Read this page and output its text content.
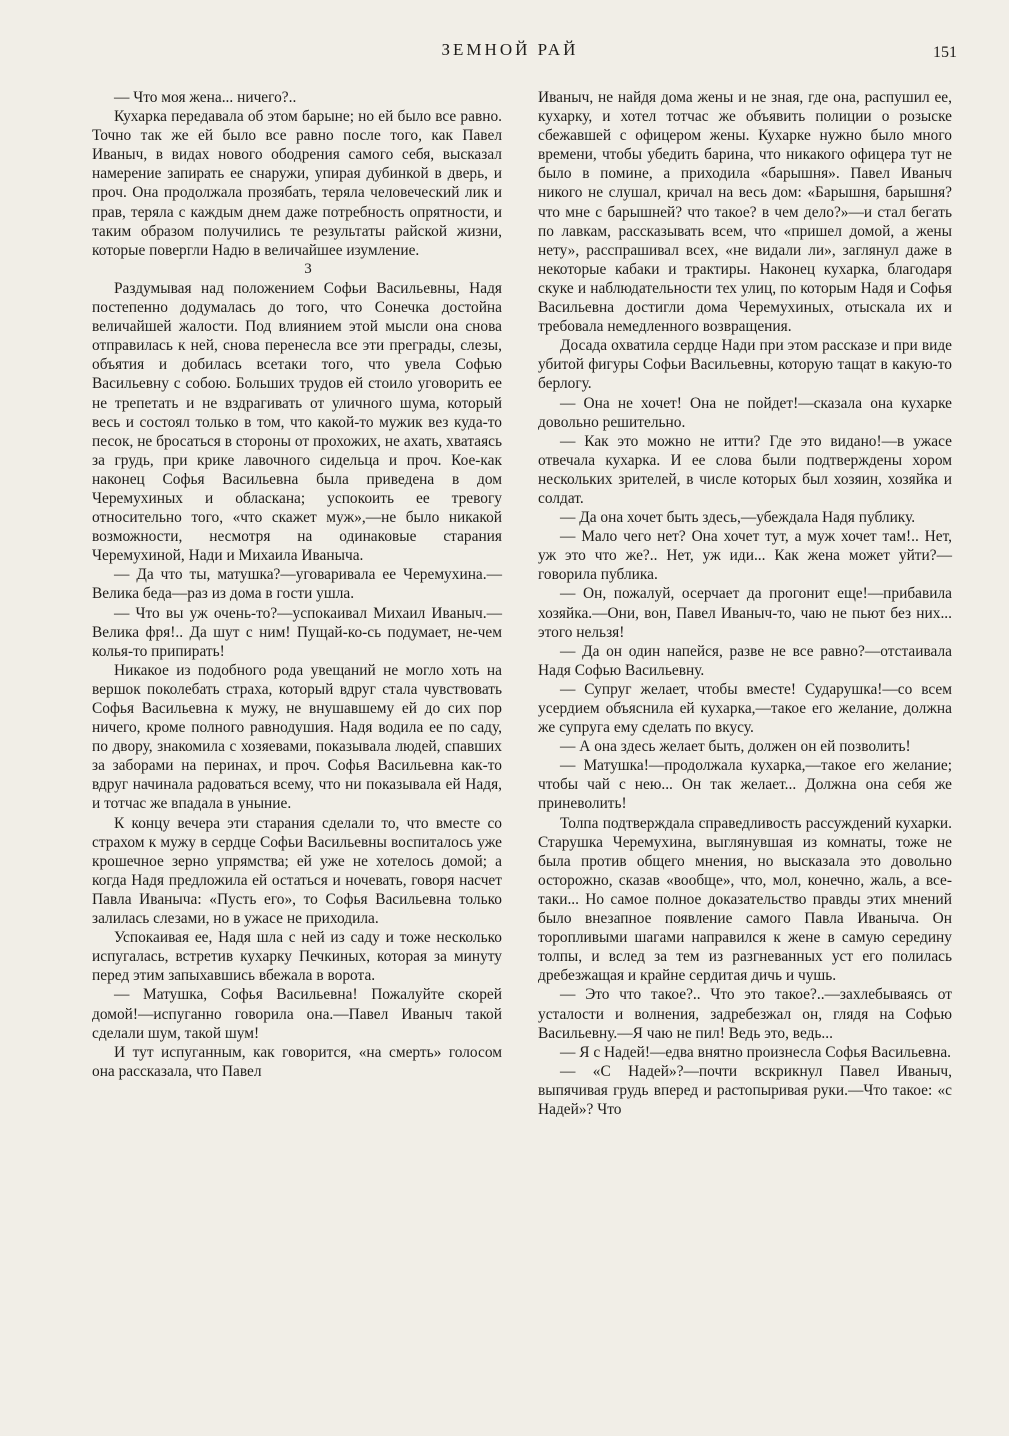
ЗЕМНОЙ РАЙ	151

— Что моя жена... ничего?..

Кухарка передавала об этом барыне; но ей было все равно. Точно так же ей было все равно после того, как Павел Иваныч, в видах нового ободрения самого себя, высказал намерение запирать ее снаружи, упирая дубинкой в дверь, и проч. Она продолжала прозябать, теряла человеческий лик и прав, теряла с каждым днем даже потребность опрятности, и таким образом получились те результаты райской жизни, которые повергли Надю в величайшее изумление.

3

Раздумывая над положением Софьи Васильевны, Надя постепенно додумалась до того, что Сонечка достойна величайшей жалости. Под влиянием этой мысли она снова отправилась к ней, снова перенесла все эти преграды, слезы, объятия и добилась всетаки того, что увела Софью Васильевну с собою. Больших трудов ей стоило уговорить ее не трепетать и не вздрагивать от уличного шума, который весь и состоял только в том, что какой-то мужик вез куда-то песок, не бросаться в стороны от прохожих, не ахать, хватаясь за грудь, при крике лавочного сидельца и проч. Кое-как наконец Софья Васильевна была приведена в дом Черемухиных и обласкана; успокоить ее тревогу относительно того, «что скажет муж»,—не было никакой возможности, несмотря на одинаковые старания Черемухиной, Нади и Михаила Иваныча.

— Да что ты, матушка?—уговаривала ее Черемухина.—Велика беда—раз из дома в гости ушла.

— Что вы уж очень-то?—успокаивал Михаил Иваныч.—Велика фря!.. Да шут с ним! Пущай-ко-сь подумает, не-чем колья-то припирать!

Никакое из подобного рода увещаний не могло хоть на вершок поколебать страха, который вдруг стала чувствовать Софья Васильевна к мужу, не внушавшему ей до сих пор ничего, кроме полного равнодушия. Надя водила ее по саду, по двору, знакомила с хозяевами, показывала людей, спавших за заборами на перинах, и проч. Софья Васильевна как-то вдруг начинала радоваться всему, что ни показывала ей Надя, и тотчас же впадала в уныние.

К концу вечера эти старания сделали то, что вместе со страхом к мужу в сердце Софьи Васильевны воспиталось уже крошечное зерно упрямства; ей уже не хотелось домой; а когда Надя предложила ей остаться и ночевать, говоря насчет Павла Иваныча: «Пусть его», то Софья Васильевна только залилась слезами, но в ужасе не приходила.

Успокаивая ее, Надя шла с ней из саду и тоже несколько испугалась, встретив кухарку Печкиных, которая за минуту перед этим запыхавшись вбежала в ворота.

— Матушка, Софья Васильевна! Пожалуйте скорей домой!—испуганно говорила она.—Павел Иваныч такой сделали шум, такой шум!

И тут испуганным, как говорится, «на смерть» голосом она рассказала, что Павел

Иваныч, не найдя дома жены и не зная, где она, распушил ее, кухарку, и хотел тотчас же объявить полиции о розыске сбежавшей с офицером жены. Кухарке нужно было много времени, чтобы убедить барина, что никакого офицера тут не было в помине, а приходила «барышня». Павел Иваныч никого не слушал, кричал на весь дом: «Барышня, барышня? что мне с барышней? что такое? в чем дело?»—и стал бегать по лавкам, рассказывать всем, что «пришел домой, а жены нету», расспрашивал всех, «не видали ли», заглянул даже в некоторые кабаки и трактиры. Наконец кухарка, благодаря скуке и наблюдательности тех улиц, по которым Надя и Софья Васильевна достигли дома Черемухиных, отыскала их и требовала немедленного возвращения.

Досада охватила сердце Нади при этом рассказе и при виде убитой фигуры Софьи Васильевны, которую тащат в какую-то берлогу.

— Она не хочет! Она не пойдет!—сказала она кухарке довольно решительно.

— Как это можно не итти? Где это видано!—в ужасе отвечала кухарка. И ее слова были подтверждены хором нескольких зрителей, в числе которых был хозяин, хозяйка и солдат.

— Да она хочет быть здесь,—убеждала Надя публику.

— Мало чего нет? Она хочет тут, а муж хочет там!.. Нет, уж это что же?.. Нет, уж иди... Как жена может уйти?—говорила публика.

— Он, пожалуй, осерчает да прогонит еще!—прибавила хозяйка.—Они, вон, Павел Иваныч-то, чаю не пьют без них... этого нельзя!

— Да он один напейся, разве не все равно?—отстаивала Надя Софью Васильевну.

— Супруг желает, чтобы вместе! Сударушка!—со всем усердием объяснила ей кухарка,—такое его желание, должна же супруга ему сделать по вкусу.

— А она здесь желает быть, должен он ей позволить!

— Матушка!—продолжала кухарка,—такое его желание; чтобы чай с нею... Он так желает... Должна она себя же приневолить!

Толпа подтверждала справедливость рассуждений кухарки. Старушка Черемухина, выглянувшая из комнаты, тоже не была против общего мнения, но высказала это довольно осторожно, сказав «вообще», что, мол, конечно, жаль, а все-таки... Но самое полное доказательство правды этих мнений было внезапное появление самого Павла Иваныча. Он торопливыми шагами направился к жене в самую середину толпы, и вслед за тем из разгневанных уст его полилась дребезжащая и крайне сердитая дичь и чушь.

— Это что такое?.. Что это такое?..—захлебываясь от усталости и волнения, задребезжал он, глядя на Софью Васильевну.—Я чаю не пил! Ведь это, ведь...

— Я с Надей!—едва внятно произнесла Софья Васильевна.

— «С Надей»?—почти вскрикнул Павел Иваныч, выпячивая грудь вперед и растопыривая руки.—Что такое: «с Надей»? Что
